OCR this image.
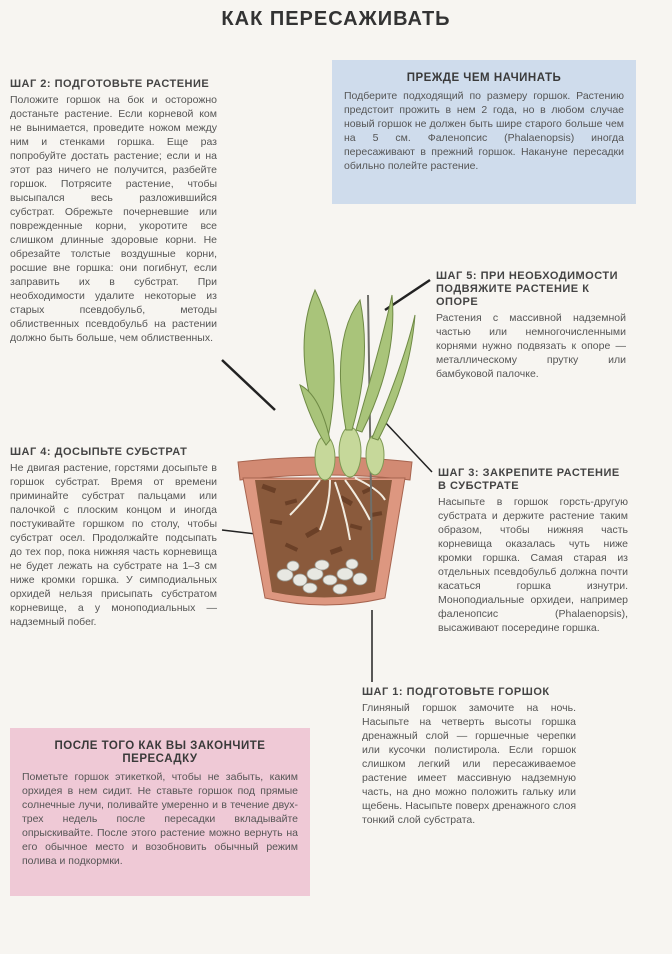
КАК ПЕРЕСАЖИВАТЬ
ШАГ 2: ПОДГОТОВЬТЕ РАСТЕНИЕ

Положите горшок на бок и осторожно достаньте растение. Если корневой ком не вынимается, проведите ножом между ним и стенками горшка. Еще раз попробуйте достать растение; если и на этот раз ничего не получится, разбейте горшок. Потрясите растение, чтобы высыпался весь разложившийся субстрат. Обрежьте почерневшие или поврежденные корни, укоротите все слишком длинные здоровые корни. Не обрезайте толстые воздушные корни, росшие вне горшка: они погибнут, если заправить их в субстрат. При необходимости удалите некоторые из старых псевдобульб, методы облиственных псевдобульб на растении должно быть больше, чем облиственных.

ПРЕЖДЕ ЧЕМ НАЧИНАТЬ

Подберите подходящий по размеру горшок. Растению предстоит прожить в нем 2 года, но в любом случае новый горшок не должен быть шире старого больше чем на 5 см. Фаленопсис (Phalaenopsis) иногда пересаживают в прежний горшок. Накануне пересадки обильно полейте растение.

ШАГ 5: ПРИ НЕОБХОДИМОСТИ ПОДВЯЖИТЕ РАСТЕНИЕ К ОПОРЕ

Растения с массивной надземной частью или немногочисленными корнями нужно подвязать к опоре — металлическому прутку или бамбуковой палочке.

ШАГ 4: ДОСЫПЬТЕ СУБСТРАТ

Не двигая растение, горстями досыпьте в горшок субстрат. Время от времени приминайте субстрат пальцами или палочкой с плоским концом и иногда постукивайте горшком по столу, чтобы субстрат осел. Продолжайте подсыпать до тех пор, пока нижняя часть корневища не будет лежать на субстрате на 1–3 см ниже кромки горшка. У симподиальных орхидей нельзя присыпать субстратом корневище, а у моноподиальных — надземный побег.

ШАГ 3: ЗАКРЕПИТЕ РАСТЕНИЕ В СУБСТРАТЕ

Насыпьте в горшок горсть-другую субстрата и держите растение таким образом, чтобы нижняя часть корневища оказалась чуть ниже кромки горшка. Самая старая из отдельных псевдобульб должна почти касаться горшка изнутри. Моноподиальные орхидеи, например фаленопсис (Phalaenopsis), высаживают посередине горшка.

ШАГ 1: ПОДГОТОВЬТЕ ГОРШОК

Глиняный горшок замочите на ночь. Насыпьте на четверть высоты горшка дренажный слой — горшечные черепки или кусочки полистирола. Если горшок слишком легкий или пересаживаемое растение имеет массивную надземную часть, на дно можно положить гальку или щебень. Насыпьте поверх дренажного слоя тонкий слой субстрата.

ПОСЛЕ ТОГО КАК ВЫ ЗАКОНЧИТЕ ПЕРЕСАДКУ

Пометьте горшок этикеткой, чтобы не забыть, каким орхидея в нем сидит. Не ставьте горшок под прямые солнечные лучи, поливайте умеренно и в течение двух-трех недель после пересадки вкладывайте опрыскивайте. После этого растение можно вернуть на его обычное место и возобновить обычный режим полива и подкормки.
